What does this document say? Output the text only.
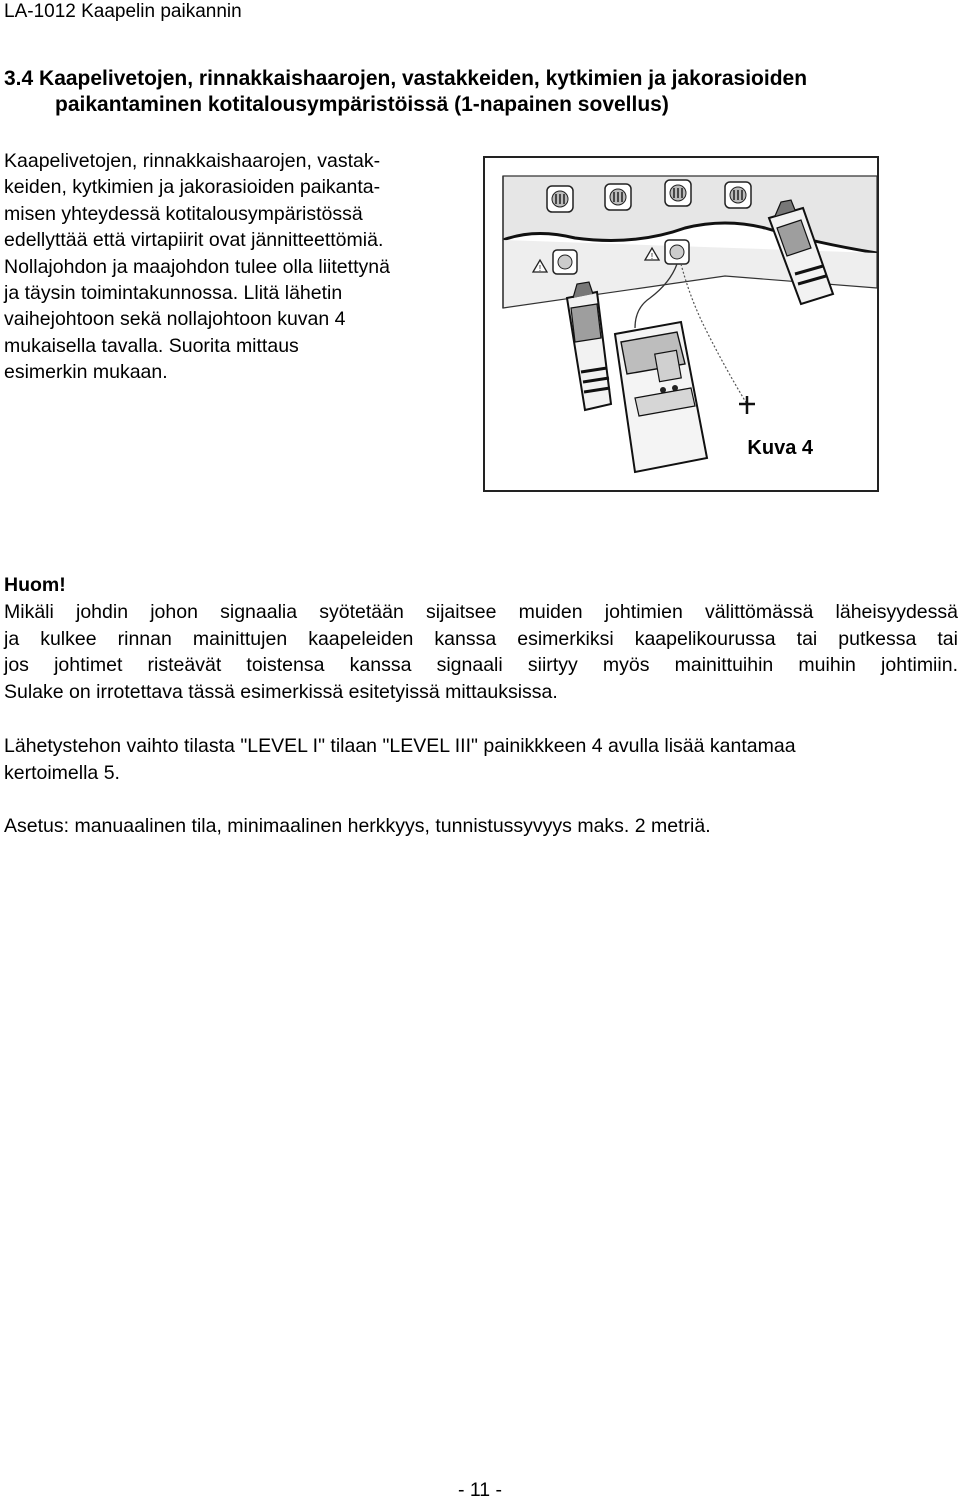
LA-1012 Kaapelin paikannin
3.4 Kaapelivetojen, rinnakkaishaarojen, vastakkeiden, kytkimien ja jakorasioiden
paikantaminen kotitalousympäristöissä (1-napainen sovellus)
Kaapelivetojen, rinnakkaishaarojen, vastak-
keiden, kytkimien ja jakorasioiden paikanta-
misen yhteydessä kotitalousympäristössä
edellyttää että virtapiirit ovat jännitteettömiä.
Nollajohdon ja maajohdon tulee olla liitettynä
ja täysin toimintakunnossa. Llitä lähetin
vaihejohtoon sekä nollajohtoon kuvan 4
mukaisella tavalla. Suorita mittaus
esimerkin mukaan.
!
!
Kuva 4
Huom!
Mikäli johdin johon signaalia syötetään sijaitsee muiden johtimien välittömässä läheisyydessä
ja kulkee rinnan mainittujen kaapeleiden kanssa esimerkiksi kaapelikourussa tai putkessa tai
jos johtimet risteävät toistensa kanssa signaali siirtyy myös mainittuihin muihin johtimiin.
Sulake on irrotettava tässä esimerkissä esitetyissä mittauksissa.
Lähetystehon vaihto tilasta "LEVEL I" tilaan "LEVEL III" painikkkeen 4 avulla lisää kantamaa
kertoimella 5.
Asetus: manuaalinen tila, minimaalinen herkkyys, tunnistussyvyys maks. 2 metriä.
- 11 -
